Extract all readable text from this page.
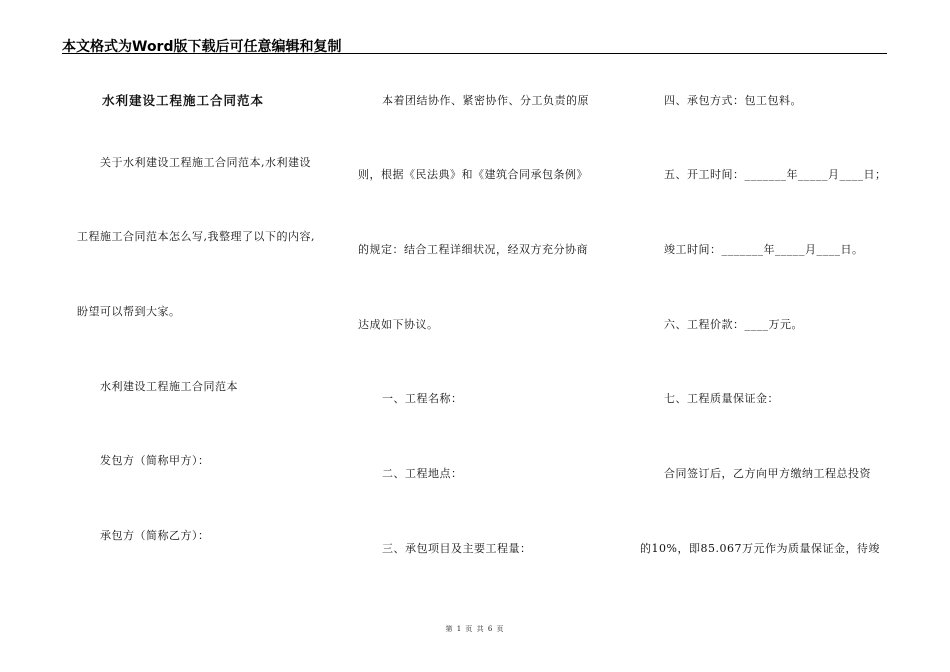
本文格式为Word版下载后可任意编辑和复制
水利建设工程施工合同范本
关于水利建设工程施工合同范本,水利建设
工程施工合同范本怎么写,我整理了以下的内容,
盼望可以帮到大家。
水利建设工程施工合同范本
发包方（简称甲方）：
承包方（简称乙方）：
本着团结协作、紧密协作、分工负责的原
则，根据《民法典》和《建筑合同承包条例》
的规定：结合工程详细状况，经双方充分协商
达成如下协议。
一、工程名称：
二、工程地点：
三、承包项目及主要工程量：
四、承包方式：包工包料。
五、开工时间：_______年_____月____日；
竣工时间：_______年_____月____日。
六、工程价款：____万元。
七、工程质量保证金：
合同签订后，乙方向甲方缴纳工程总投资
的10%，即85.067万元作为质量保证金，待竣
第 1 页 共 6 页
